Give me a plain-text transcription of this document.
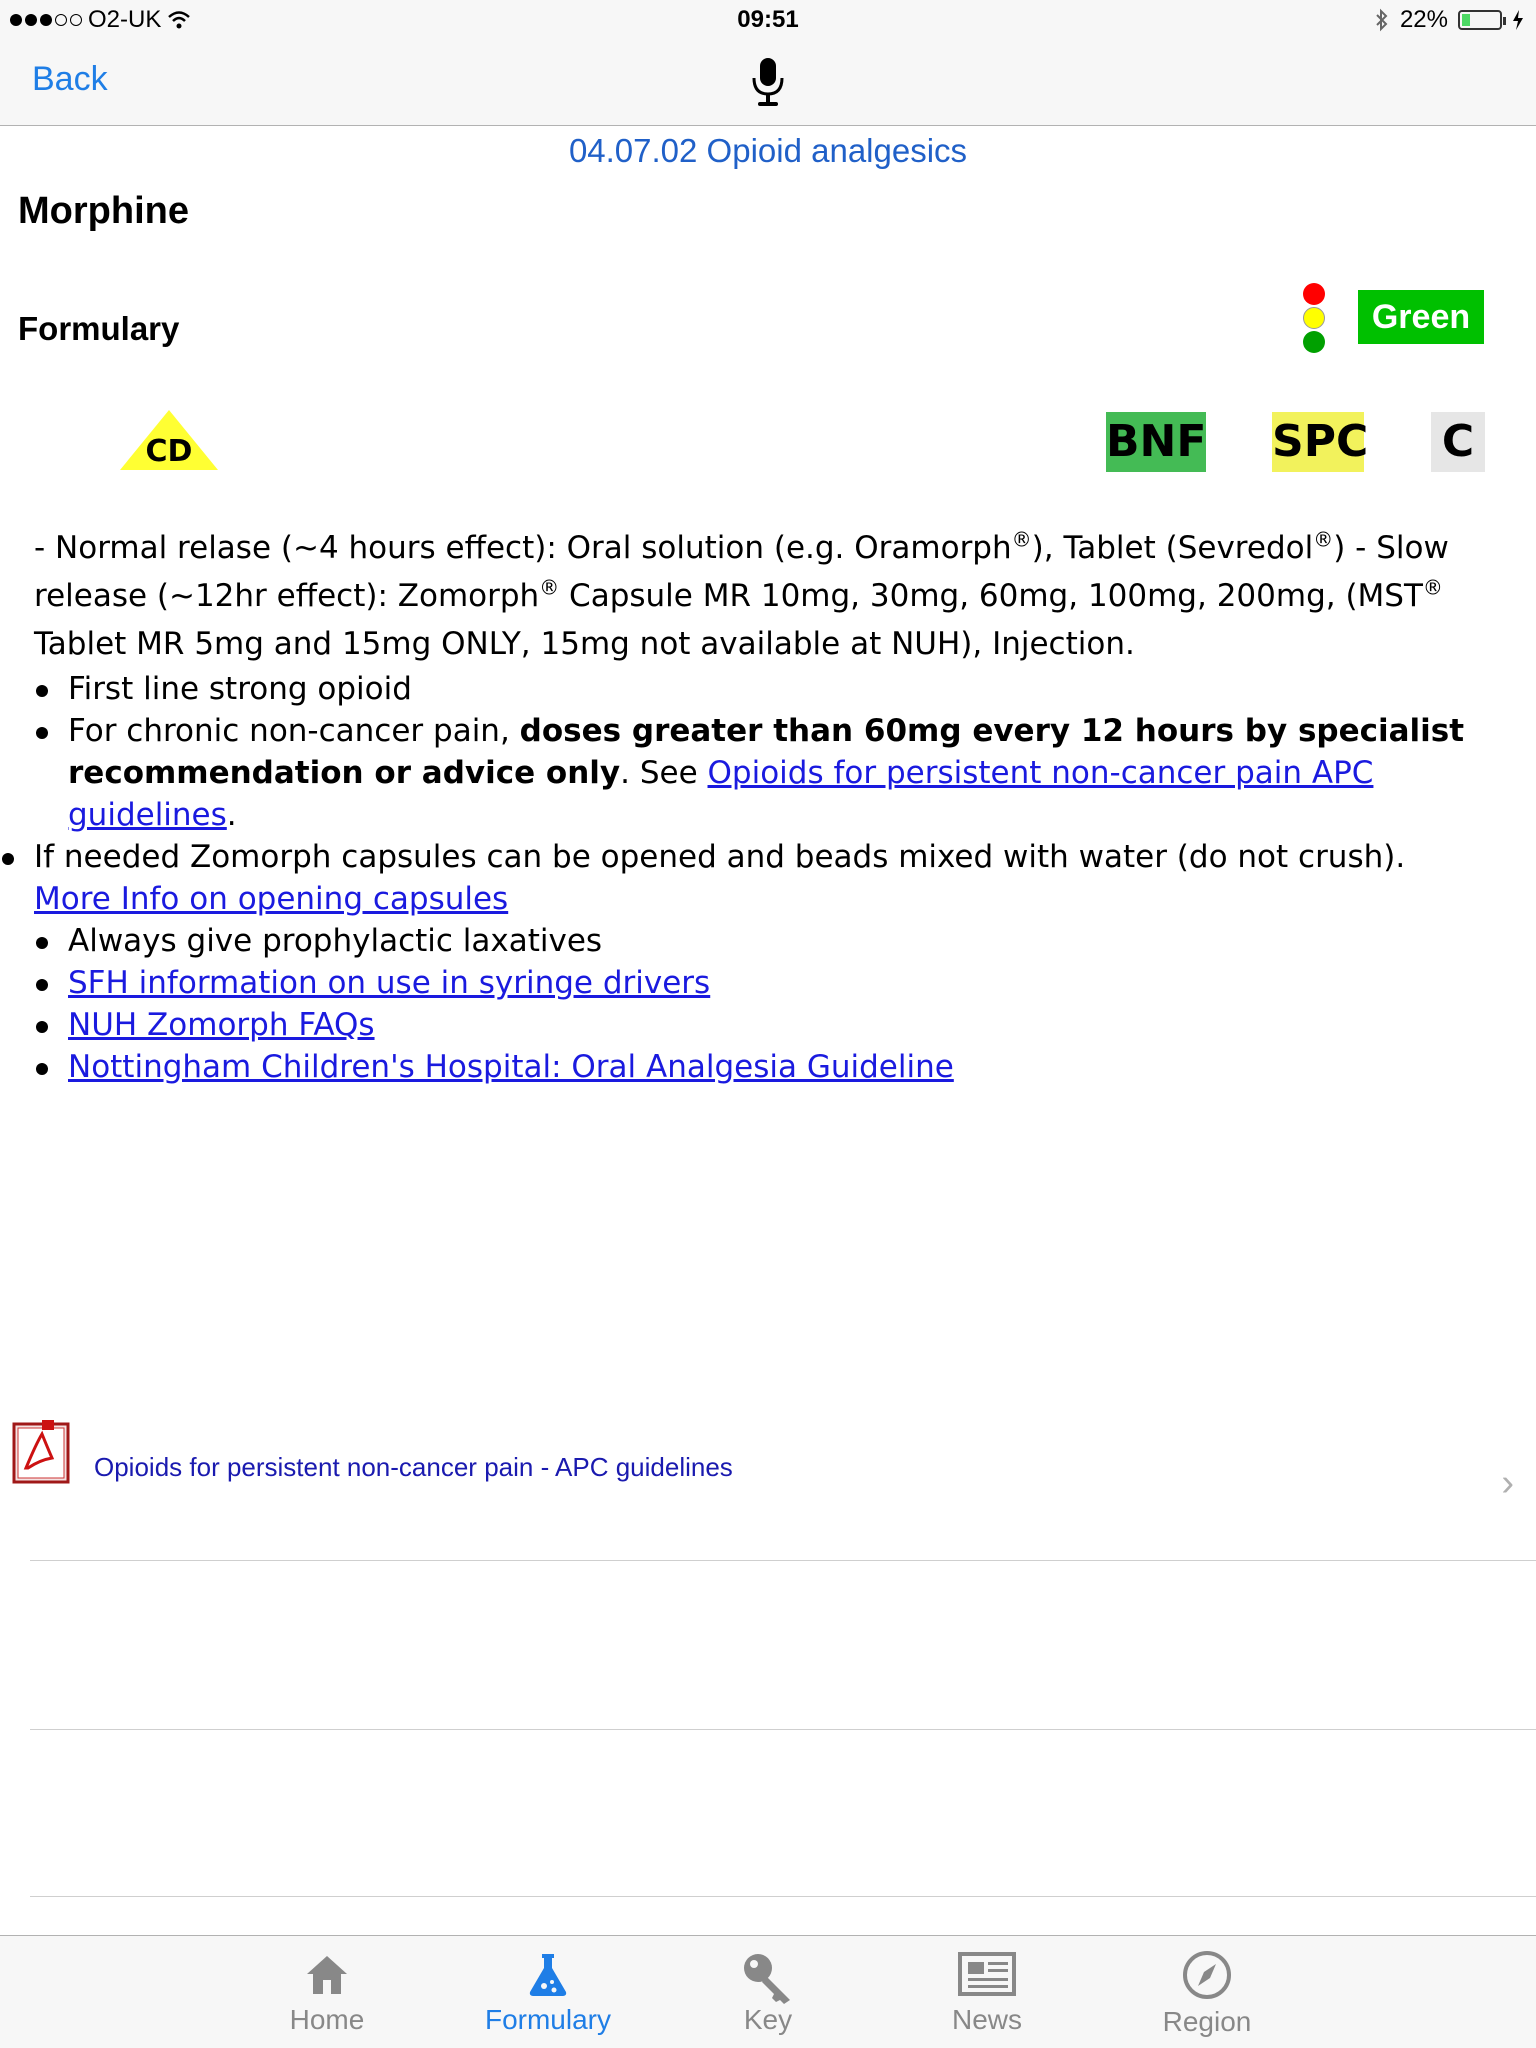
O2-UK	09:51	22%
Back
04.07.02 Opioid analgesics
Morphine
Formulary	Green
CD	BNF SPC C
- Normal relase (~4 hours effect): Oral solution (e.g. Oramorph®), Tablet (Sevredol®) - Slow release (~12hr effect): Zomorph® Capsule MR 10mg, 30mg, 60mg, 100mg, 200mg, (MST® Tablet MR 5mg and 15mg ONLY, 15mg not available at NUH), Injection.
First line strong opioid
For chronic non-cancer pain, doses greater than 60mg every 12 hours by specialist recommendation or advice only. See Opioids for persistent non-cancer pain APC guidelines.
If needed Zomorph capsules can be opened and beads mixed with water (do not crush).
More Info on opening capsules
Always give prophylactic laxatives
SFH information on use in syringe drivers
NUH Zomorph FAQs
Nottingham Children's Hospital: Oral Analgesia Guideline
Opioids for persistent non-cancer pain - APC guidelines	›
Home	Formulary	Key	News	Region
